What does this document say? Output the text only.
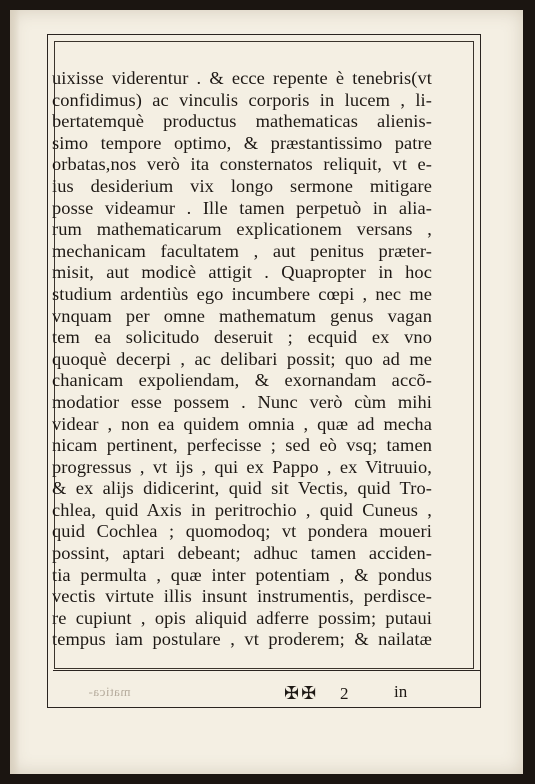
uixisse viderentur . & ecce repente è tenebris(vt
confidimus) ac vinculis corporis in lucem , li-
bertatemquè productus mathematicas alienis-
simo tempore optimo, & præstantissimo patre
orbatas,nos verò ita consternatos reliquit, vt e-
ius desiderium vix longo sermone mitigare
posse videamur . Ille tamen perpetuò in alia-
rum mathematicarum explicationem versans ,
mechanicam facultatem , aut penitus præter-
misit, aut modicè attigit . Quapropter in hoc
studium ardentiùs ego incumbere cœpi , nec me
vnquam per omne mathematum genus vagan
tem ea solicitudo deseruit ; ecquid ex vno
quoquè decerpi , ac delibari possit; quo ad me
chanicam expoliendam, & exornandam accõ-
modatior esse possem . Nunc verò cùm mihi
videar , non ea quidem omnia , quæ ad mecha
nicam pertinent, perfecisse ; sed eò vsq; tamen
progressus , vt ijs , qui ex Pappo , ex Vitruuio,
& ex alijs didicerint, quid sit Vectis, quid Tro-
chlea, quid Axis in peritrochio , quid Cuneus ,
quid Cochlea ; quomodoq; vt pondera moueri
possint, aptari debeant; adhuc tamen acciden-
tia permulta , quæ inter potentiam , & pondus
vectis virtute illis insunt instrumentis, perdisce-
re cupiunt , opis aliquid adferre possim; putaui
tempus iam postulare , vt proderem; & nailatæ
matica-	✠✠ 2	in
